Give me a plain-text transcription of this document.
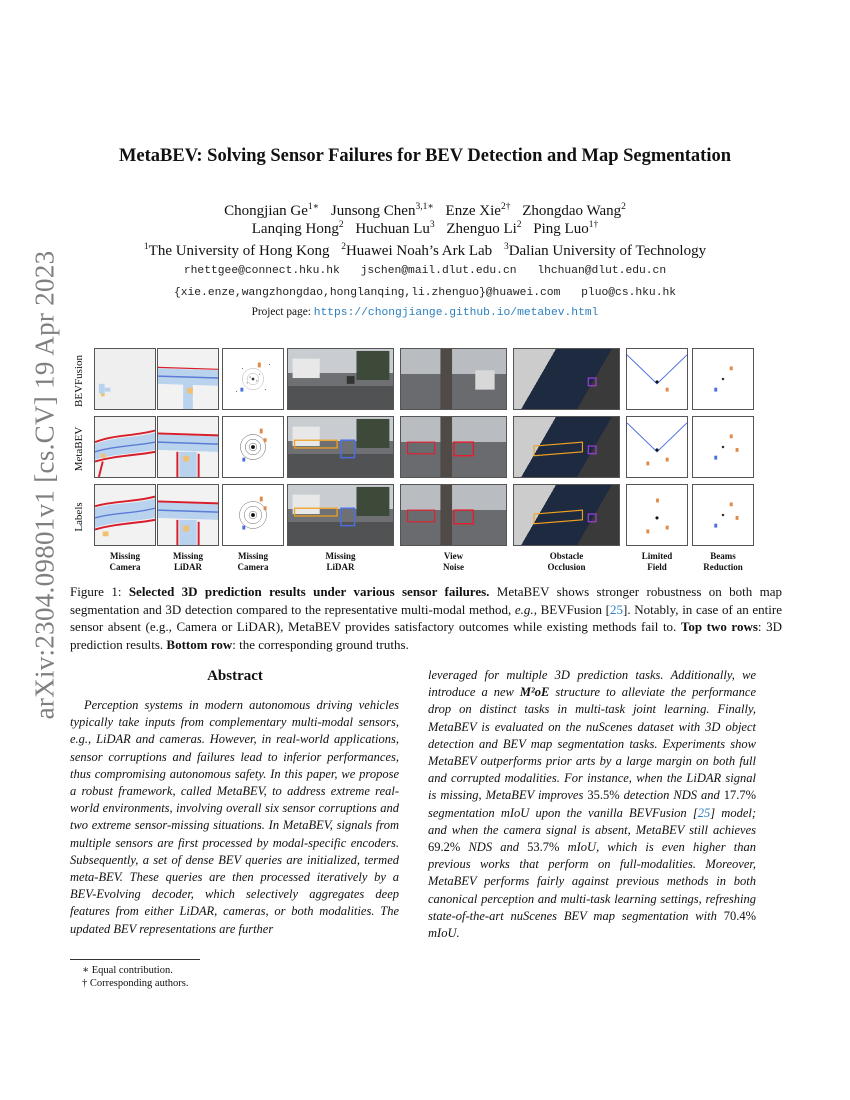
arXiv:2304.09801v1 [cs.CV] 19 Apr 2023
MetaBEV: Solving Sensor Failures for BEV Detection and Map Segmentation
Chongjian $Ge^{1∗}$ Junsong Chen$^{3,1∗}$ Enze Xie$^{2\dagger}$ Zhongdao Wang$^2$
Lanqing Hong$^2$ Huchuan Lu$^3$ Zhenguo Li$^2$ Ping Luo$^{1\dagger}$
$^1$The University of Hong Kong $^2$Huawei Noah’s Ark Lab $^3$Dalian University of Technology
rhettgee@connect.hku.hk jschen@mail.dlut.edu.cn lhchuan@dlut.edu.cn
{xie.enze,wangzhongdao,honglanqing,li.zhenguo}@huawei.com pluo@cs.hku.hk
Project page: https://chongjiange.github.io/metabev.html
BEVFusion
MetaBEV
Labels
Missing
Camera
Missing
LiDAR
Missing
Camera
Missing
LiDAR
View
Noise
Obstacle
Occlusion
Limited
Field
Beams
Reduction
Figure 1: Selected 3D prediction results under various sensor failures. MetaBEV shows stronger robustness on both map segmentation and 3D detection compared to the representative multi-modal method, e.g., BEVFusion [25]. Notably, in case of an entire sensor absent (e.g., Camera or LiDAR), MetaBEV provides satisfactory outcomes while existing methods fail to. Top two rows: 3D prediction results. Bottom row: the corresponding ground truths.
Abstract
Perception systems in modern autonomous driving vehicles typically take inputs from complementary multi-modal sensors, e.g., LiDAR and cameras. However, in real-world applications, sensor corruptions and failures lead to inferior performances, thus compromising autonomous safety. In this paper, we propose a robust framework, called MetaBEV, to address extreme real-world environments, involving overall six sensor corruptions and two extreme sensor-missing situations. In MetaBEV, signals from multiple sensors are first processed by modal-specific encoders. Subsequently, a set of dense BEV queries are initialized, termed meta-BEV. These queries are then processed iteratively by a BEV-Evolving decoder, which selectively aggregates deep features from either LiDAR, cameras, or both modalities. The updated BEV representations are further
leveraged for multiple 3D prediction tasks. Additionally, we introduce a new M²oE structure to alleviate the performance drop on distinct tasks in multi-task joint learning. Finally, MetaBEV is evaluated on the nuScenes dataset with 3D object detection and BEV map segmentation tasks. Experiments show MetaBEV outperforms prior arts by a large margin on both full and corrupted modalities. For instance, when the LiDAR signal is missing, MetaBEV improves 35.5% detection NDS and 17.7% segmentation mIoU upon the vanilla BEVFusion [25] model; and when the camera signal is absent, MetaBEV still achieves 69.2% NDS and 53.7% mIoU, which is even higher than previous works that perform on full-modalities. Moreover, MetaBEV performs fairly against previous methods in both canonical perception and multi-task learning settings, refreshing state-of-the-art nuScenes BEV map segmentation with 70.4% mIoU.
∗ Equal contribution.
† Corresponding authors.
